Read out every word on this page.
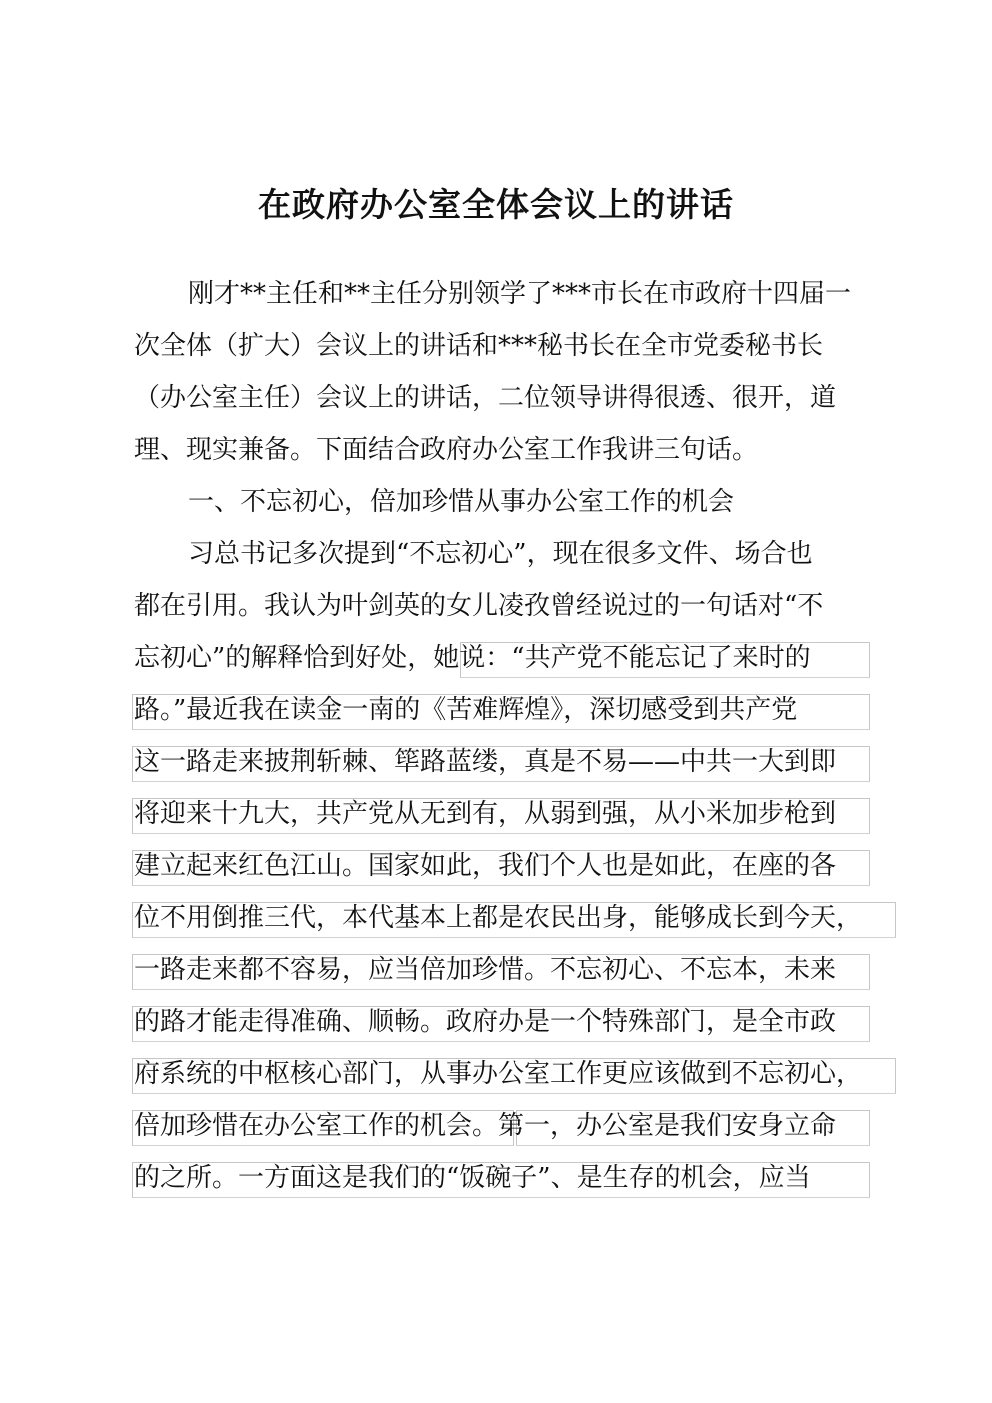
在政府办公室全体会议上的讲话
刚才**主任和**主任分别领学了***市长在市政府十四届一
次全体（扩大）会议上的讲话和***秘书长在全市党委秘书长
（办公室主任）会议上的讲话，二位领导讲得很透、很开，道
理、现实兼备。下面结合政府办公室工作我讲三句话。
一、不忘初心，倍加珍惜从事办公室工作的机会
习总书记多次提到“不忘初心”，现在很多文件、场合也
都在引用。我认为叶剑英的女儿凌孜曾经说过的一句话对“不
忘初心”的解释恰到好处，她说：“共产党不能忘记了来时的
路。”最近我在读金一南的《苦难辉煌》，深切感受到共产党
这一路走来披荆斩棘、筚路蓝缕，真是不易——中共一大到即
将迎来十九大，共产党从无到有，从弱到强，从小米加步枪到
建立起来红色江山。国家如此，我们个人也是如此，在座的各
位不用倒推三代，本代基本上都是农民出身，能够成长到今天，
一路走来都不容易，应当倍加珍惜。不忘初心、不忘本，未来
的路才能走得准确、顺畅。政府办是一个特殊部门，是全市政
府系统的中枢核心部门，从事办公室工作更应该做到不忘初心，
倍加珍惜在办公室工作的机会。第一，办公室是我们安身立命
的之所。一方面这是我们的“饭碗子”、是生存的机会，应当
